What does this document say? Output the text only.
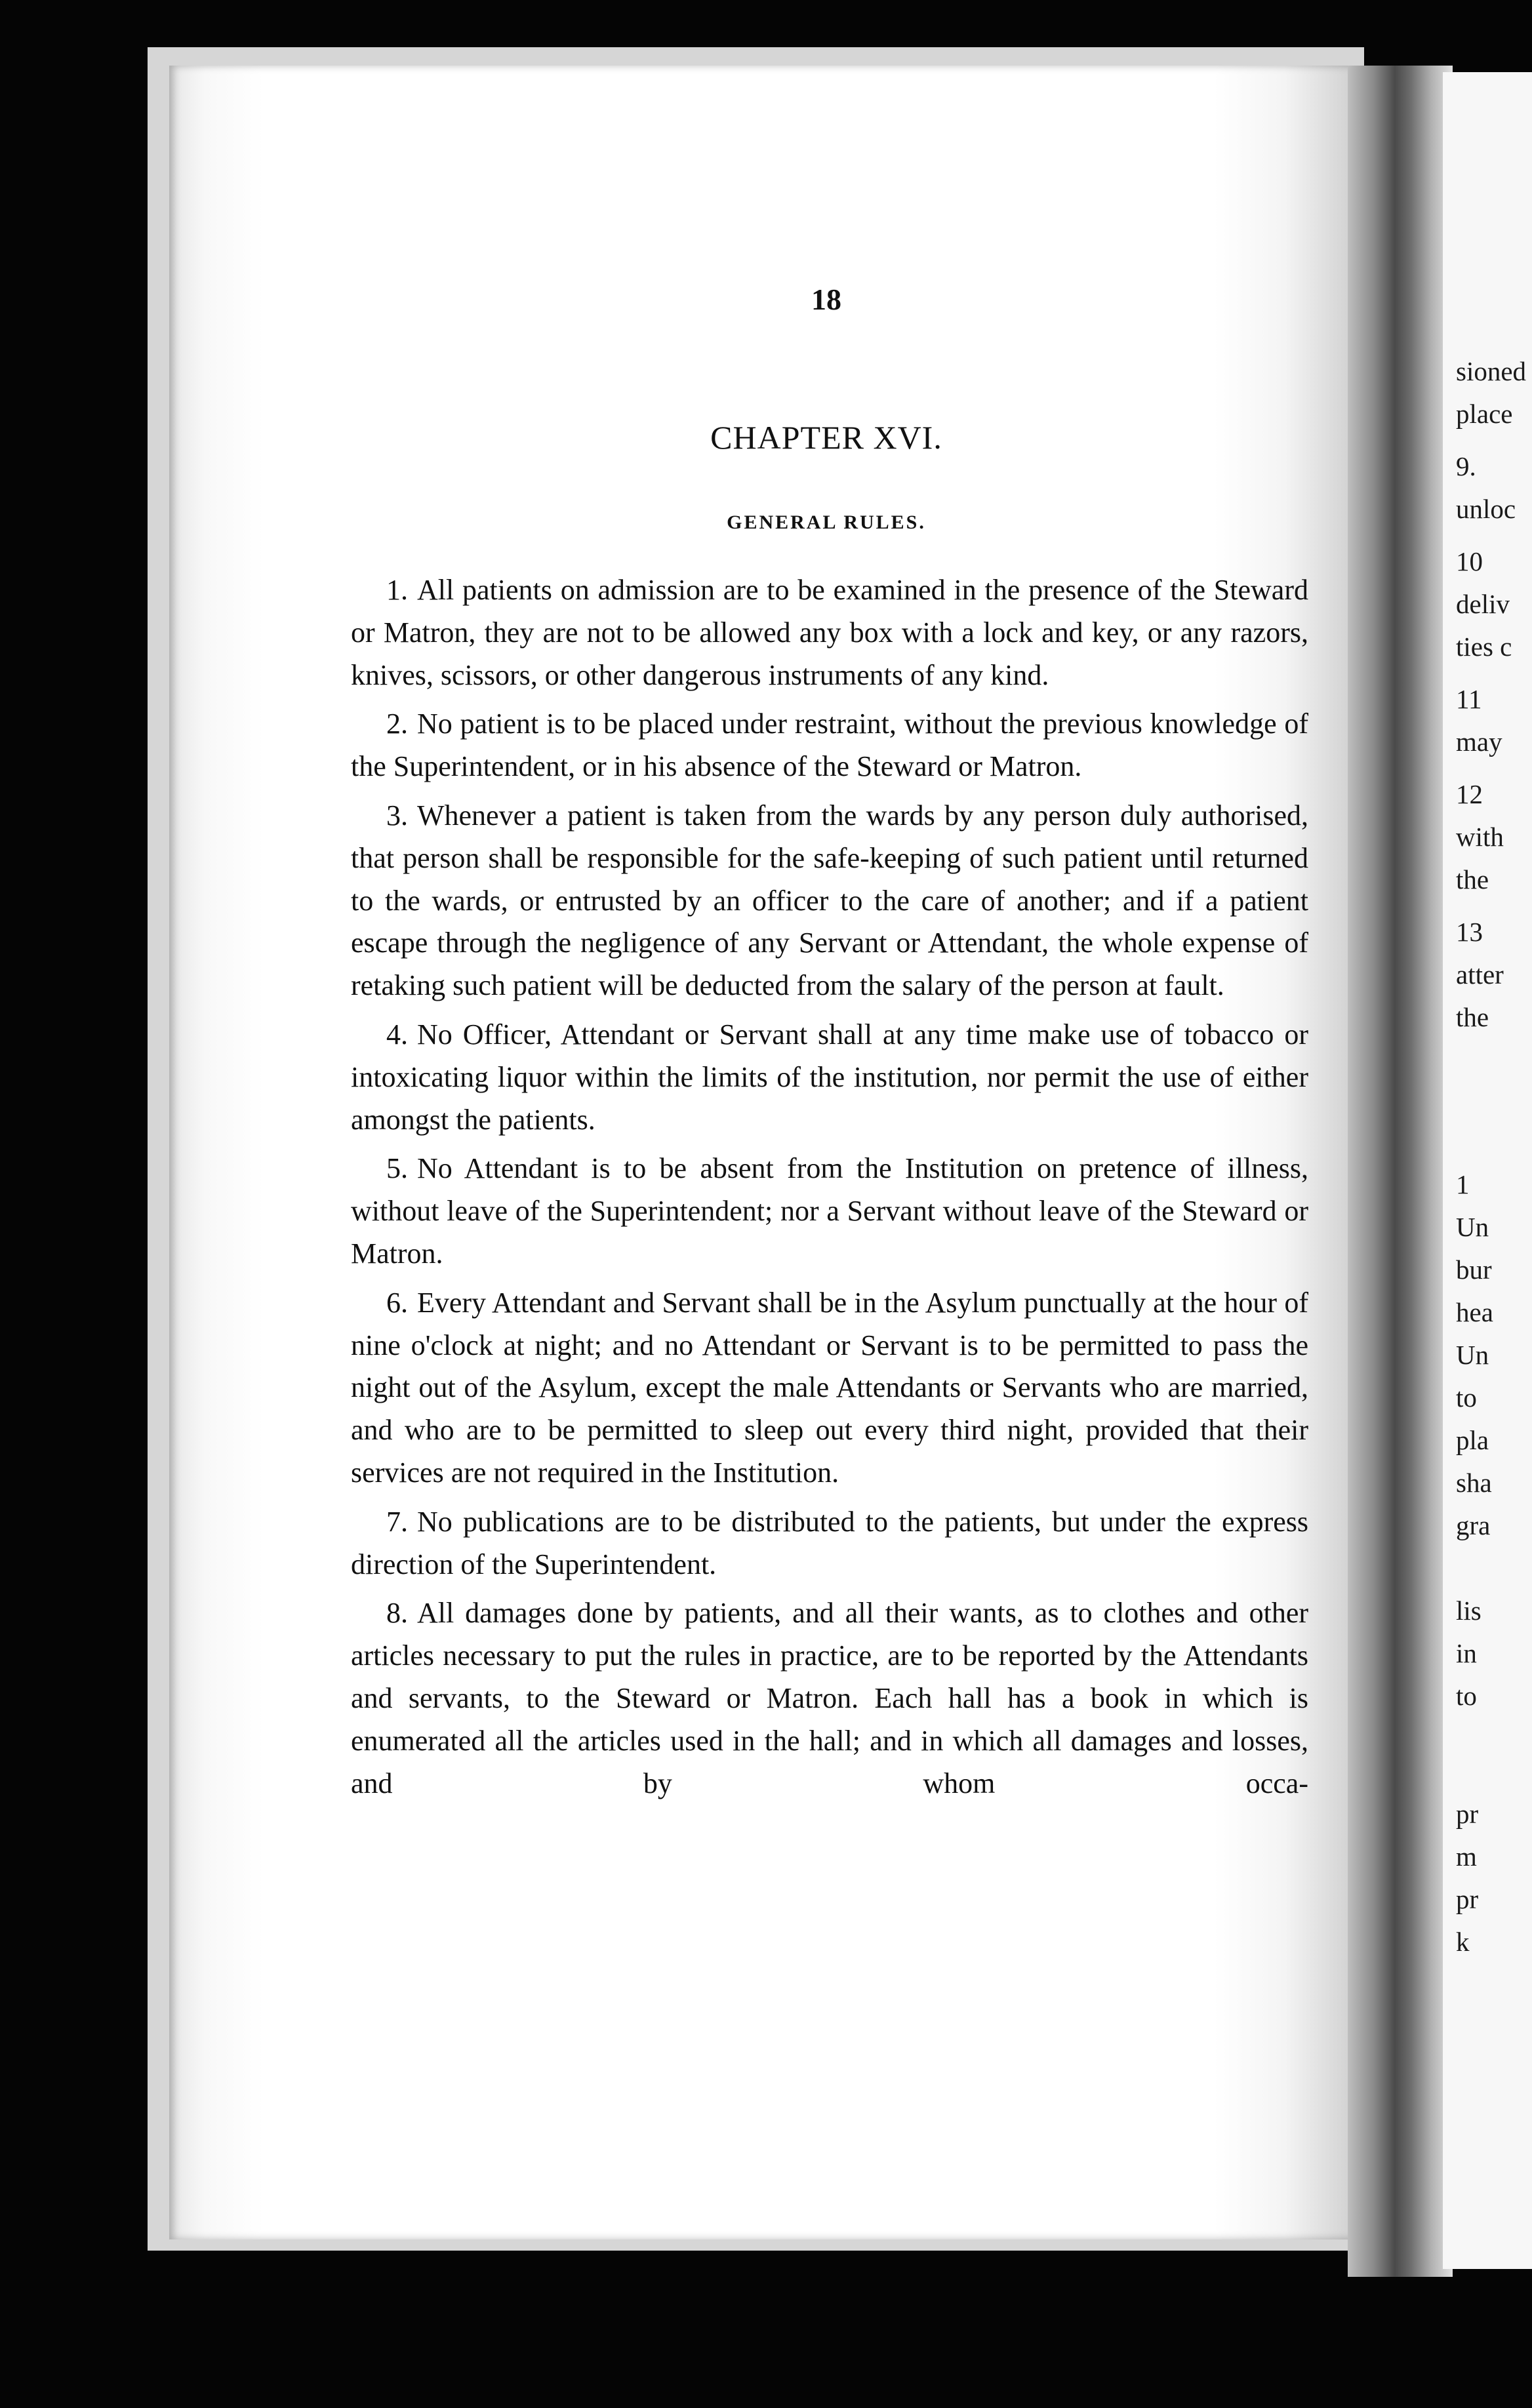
18
CHAPTER XVI.
GENERAL RULES.
1. All patients on admission are to be examined in the presence of the Steward or Matron, they are not to be allowed any box with a lock and key, or any razors, knives, scissors, or other dangerous instruments of any kind.
2. No patient is to be placed under restraint, without the previous knowledge of the Superintendent, or in his absence of the Steward or Matron.
3. Whenever a patient is taken from the wards by any person duly authorised, that person shall be responsible for the safe-keeping of such patient until returned to the wards, or entrusted by an officer to the care of another; and if a patient escape through the negligence of any Servant or Attendant, the whole expense of retaking such patient will be deducted from the salary of the person at fault.
4. No Officer, Attendant or Servant shall at any time make use of tobacco or intoxicating liquor within the limits of the institution, nor permit the use of either amongst the patients.
5. No Attendant is to be absent from the Institution on pretence of illness, without leave of the Superintendent; nor a Servant without leave of the Steward or Matron.
6. Every Attendant and Servant shall be in the Asylum punctually at the hour of nine o'clock at night; and no Attendant or Servant is to be permitted to pass the night out of the Asylum, except the male Attendants or Servants who are married, and who are to be permitted to sleep out every third night, provided that their services are not required in the Institution.
7. No publications are to be distributed to the patients, but under the express direction of the Superintendent.
8. All damages done by patients, and all their wants, as to clothes and other articles necessary to put the rules in practice, are to be reported by the Attendants and servants, to the Steward or Matron. Each hall has a book in which is enumerated all the articles used in the hall; and in which all damages and losses, and by whom occa-

sioned

place

9.

unloc

10

deliv

ties c

11

may

12

with

the

13

atter

the

1

Un

bur

hea

Un

to

pla

sha

gra

lis

in

to

pr

m

pr

k
